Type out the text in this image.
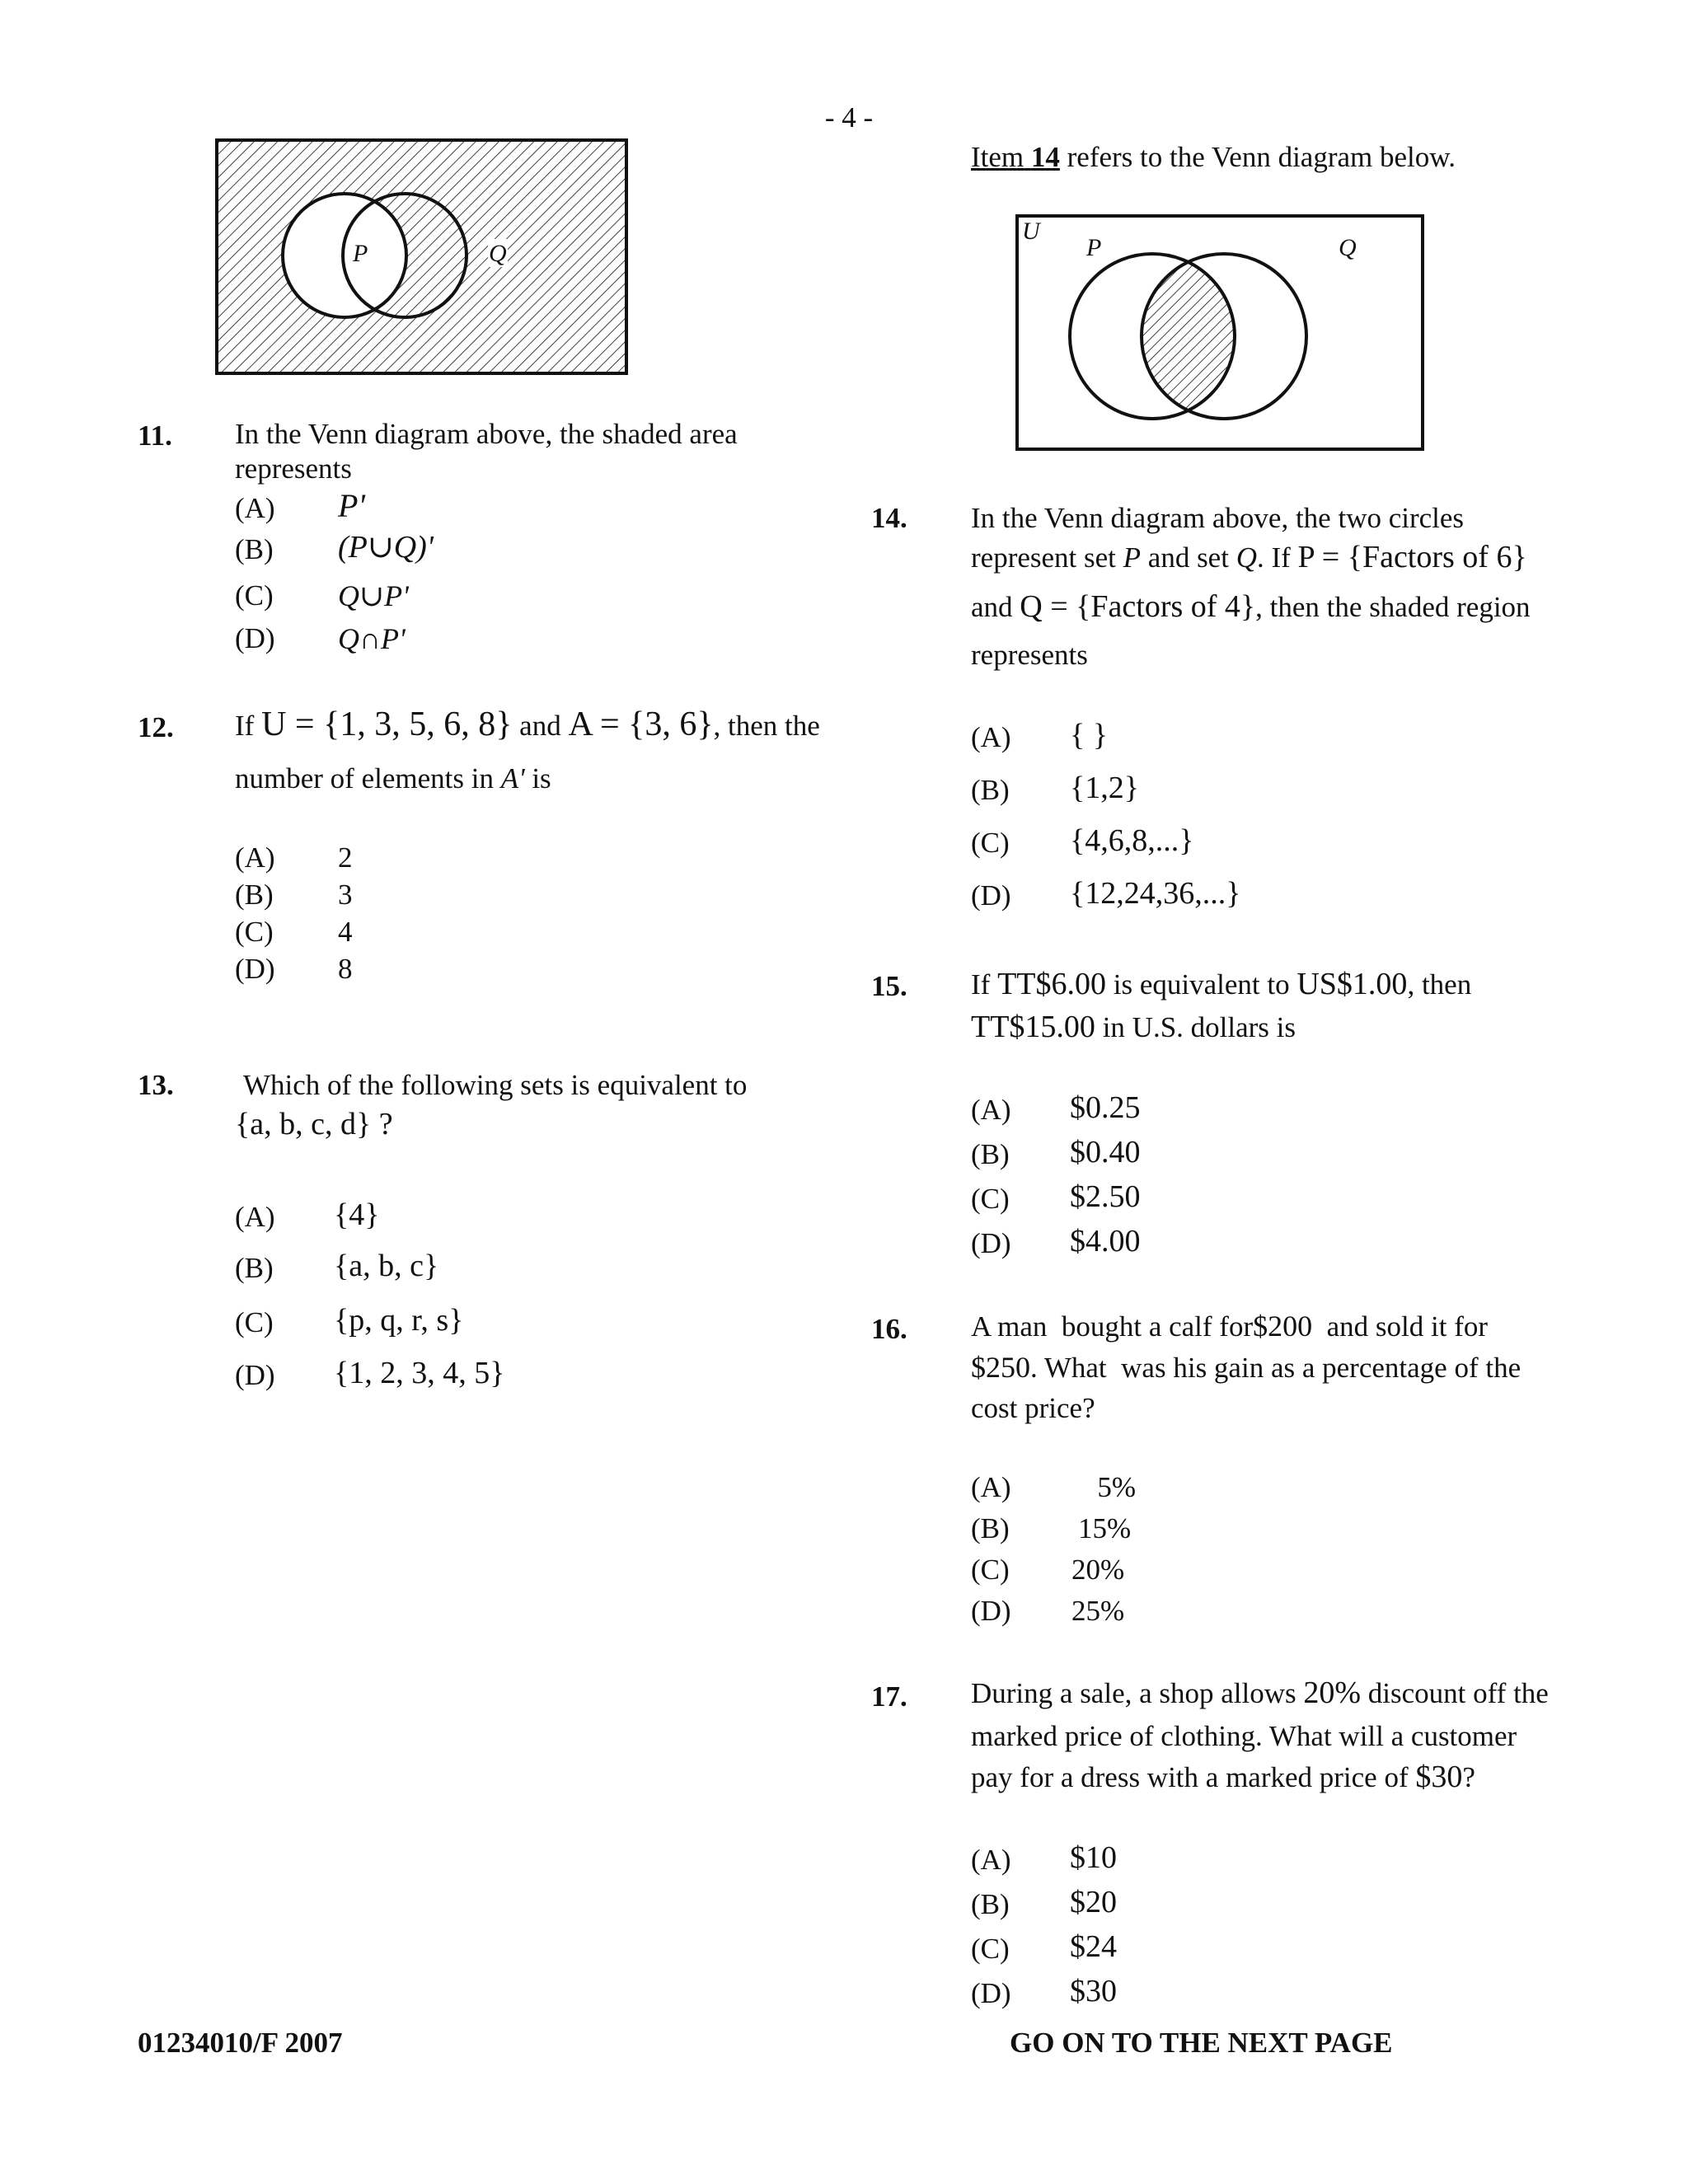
- 4 -
P	Q
11. In the Venn diagram above, the shaded area represents
(A) P'
(B) (P∪Q)'
(C) Q∪P'
(D) Q∩P'
12. If U = {1, 3, 5, 6, 8} and A = {3, 6}, then the
number of elements in A' is
(A) 2
(B) 3
(C) 4
(D) 8
13. Which of the following sets is equivalent to
{a, b, c, d} ?
(A) {4}
(B) {a, b, c}
(C) {p, q, r, s}
(D) {1, 2, 3, 4, 5}
Item 14 refers to the Venn diagram below.
U
P	Q
14. In the Venn diagram above, the two circles
represent set P and set Q. If P = {Factors of 6}
and Q = {Factors of 4}, then the shaded region
represents
(A) { }
(B) {1,2}
(C) {4,6,8,...}
(D) {12,24,36,...}
15. If TT$6.00 is equivalent to US$1.00, then
TT$15.00 in U.S. dollars is
(A) $0.25
(B) $0.40
(C) $2.50
(D) $4.00
16. A man  bought a calf for$200 and sold it for
$250. What  was his gain as a percentage of the
cost price?
(A)	5%
(B) 15%
(C) 20%
(D) 25%
17. During a sale, a shop allows 20% discount off the
marked price of clothing. What will a customer
pay for a dress with a marked price of $30?
(A) $10
(B) $20
(C) $24
(D) $30
01234010/F 2007	GO ON TO THE NEXT PAGE
